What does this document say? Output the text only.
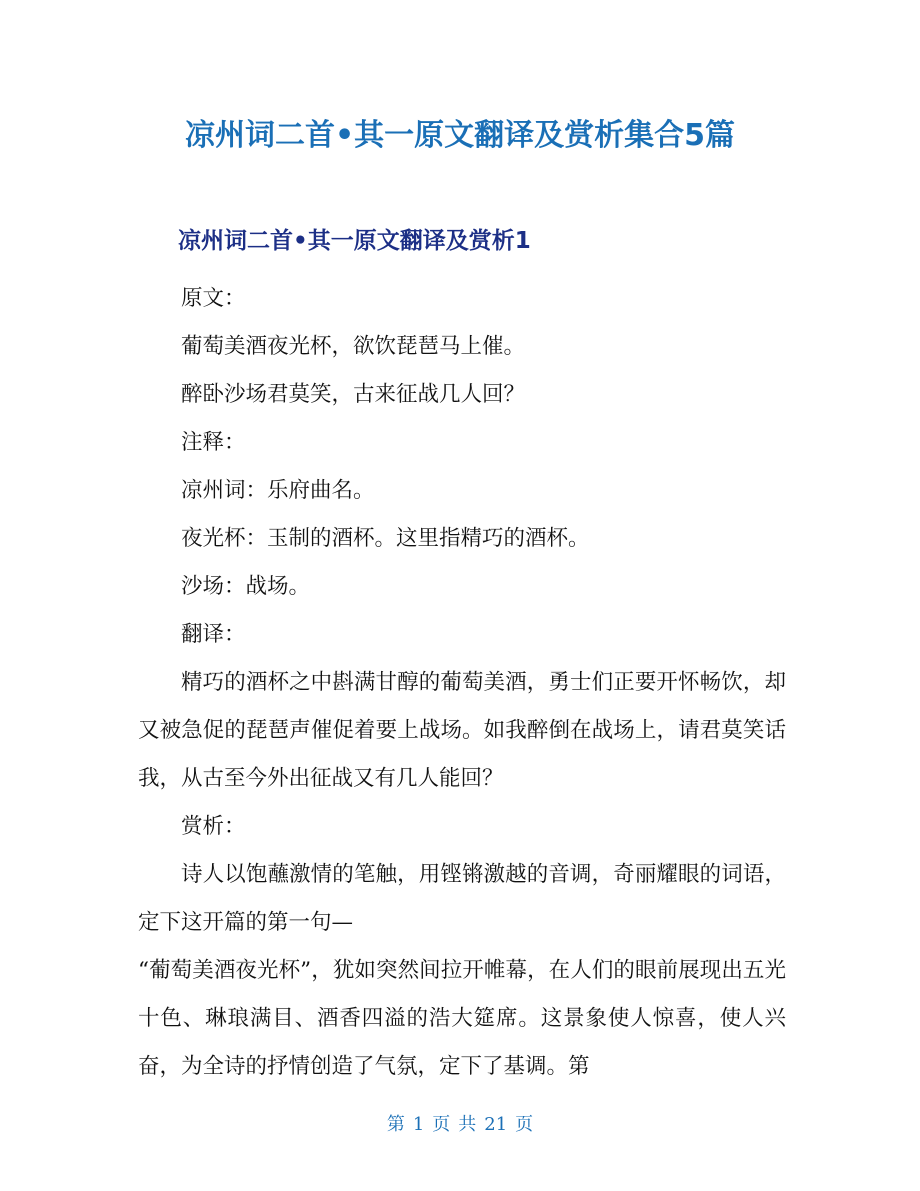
凉州词二首•其一原文翻译及赏析集合5篇
凉州词二首•其一原文翻译及赏析1

原文：

葡萄美酒夜光杯，欲饮琵琶马上催。

醉卧沙场君莫笑，古来征战几人回？

注释：

凉州词：乐府曲名。

夜光杯：玉制的酒杯。这里指精巧的酒杯。

沙场：战场。

翻译：

精巧的酒杯之中斟满甘醇的葡萄美酒，勇士们正要开怀畅饮，却又被急促的琵琶声催促着要上战场。如我醉倒在战场上，请君莫笑话我，从古至今外出征战又有几人能回？

赏析：

诗人以饱蘸激情的笔触，用铿锵激越的音调，奇丽耀眼的词语，定下这开篇的第一句—

“葡萄美酒夜光杯”，犹如突然间拉开帷幕，在人们的眼前展现出五光十色、琳琅满目、酒香四溢的浩大筵席。这景象使人惊喜，使人兴奋，为全诗的抒情创造了气氛，定下了基调。第

第 1 页 共 21 页
